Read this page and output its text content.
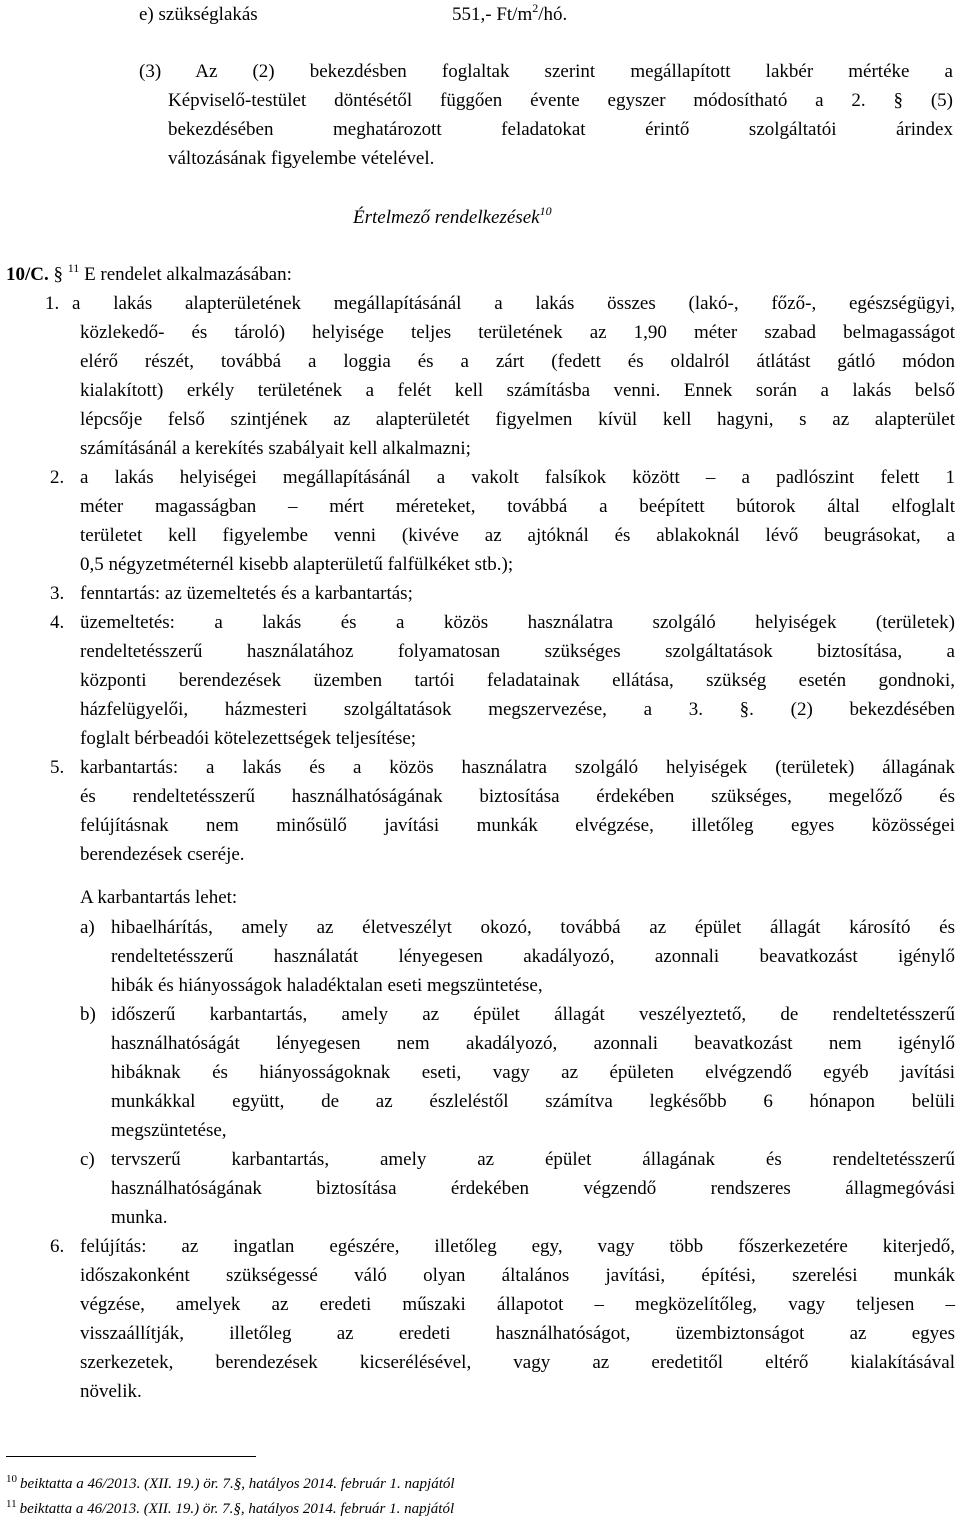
e) szükséglakás	551,- $Ft/m^2/hó$.
(3) Az (2) bekezdésben foglaltak szerint megállapított lakbér mértéke a
Képviselő-testület döntésétől függően évente egyszer módosítható a 2. § (5)
bekezdésében meghatározott feladatokat érintő szolgáltatói árindex
változásának figyelembe vételével.
Értelmező rendelkezések$^{10}$
10/C. § $^{11}$ E rendelet alkalmazásában:
1. a lakás alapterületének megállapításánál a lakás összes (lakó-, főző-, egészségügyi,
közlekedő- és tároló) helyisége teljes területének az 1,90 méter szabad belmagasságot
elérő részét, továbbá a loggia és a zárt (fedett és oldalról átlátást gátló módon
kialakított) erkély területének a felét kell számításba venni. Ennek során a lakás belső
lépcsője felső szintjének az alapterületét figyelmen kívül kell hagyni, s az alapterület
számításánál a kerekítés szabályait kell alkalmazni;
2. a lakás helyiségei megállapításánál a vakolt falsíkok között – a padlószint felett 1
méter magasságban – mért méreteket, továbbá a beépített bútorok által elfoglalt
területet kell figyelembe venni (kivéve az ajtóknál és ablakoknál lévő beugrásokat, a
0,5 négyzetméternél kisebb alapterületű falfülkéket stb.);
3. fenntartás: az üzemeltetés és a karbantartás;
4. üzemeltetés: a lakás és a közös használatra szolgáló helyiségek (területek)
rendeltetésszerű használatához folyamatosan szükséges szolgáltatások biztosítása, a
központi berendezések üzemben tartói feladatainak ellátása, szükség esetén gondnoki,
házfelügyelői, házmesteri szolgáltatások megszervezése, a 3. §. (2) bekezdésében
foglalt bérbeadói kötelezettségek teljesítése;
5. karbantartás: a lakás és a közös használatra szolgáló helyiségek (területek) állagának
és rendeltetésszerű használhatóságának biztosítása érdekében szükséges, megelőző és
felújításnak nem minősülő javítási munkák elvégzése, illetőleg egyes közösségei
berendezések cseréje.
A karbantartás lehet:
a) hibaelhárítás, amely az életveszélyt okozó, továbbá az épület állagát károsító és
rendeltetésszerű használatát lényegesen akadályozó, azonnali beavatkozást igénylő
hibák és hiányosságok haladéktalan eseti megszüntetése,
b) időszerű karbantartás, amely az épület állagát veszélyeztető, de rendeltetésszerű
használhatóságát lényegesen nem akadályozó, azonnali beavatkozást nem igénylő
hibáknak és hiányosságoknak eseti, vagy az épületen elvégzendő egyéb javítási
munkákkal együtt, de az észleléstől számítva legkésőbb 6 hónapon belüli
megszüntetése,
c) tervszerű karbantartás, amely az épület állagának és rendeltetésszerű
használhatóságának biztosítása érdekében végzendő rendszeres állagmegóvási
munka.
6. felújítás: az ingatlan egészére, illetőleg egy, vagy több főszerkezetére kiterjedő,
időszakonként szükségessé váló olyan általános javítási, építési, szerelési munkák
végzése, amelyek az eredeti műszaki állapotot – megközelítőleg, vagy teljesen –
visszaállítják, illetőleg az eredeti használhatóságot, üzembiztonságot az egyes
szerkezetek, berendezések kicserélésével, vagy az eredetitől eltérő kialakításával
növelik.
$^{10}$ beiktatta a 46/2013. (XII. 19.) ör. 7.§, hatályos 2014. február 1. napjától
$^{11}$ beiktatta a 46/2013. (XII. 19.) ör. 7.§, hatályos 2014. február 1. napjától
